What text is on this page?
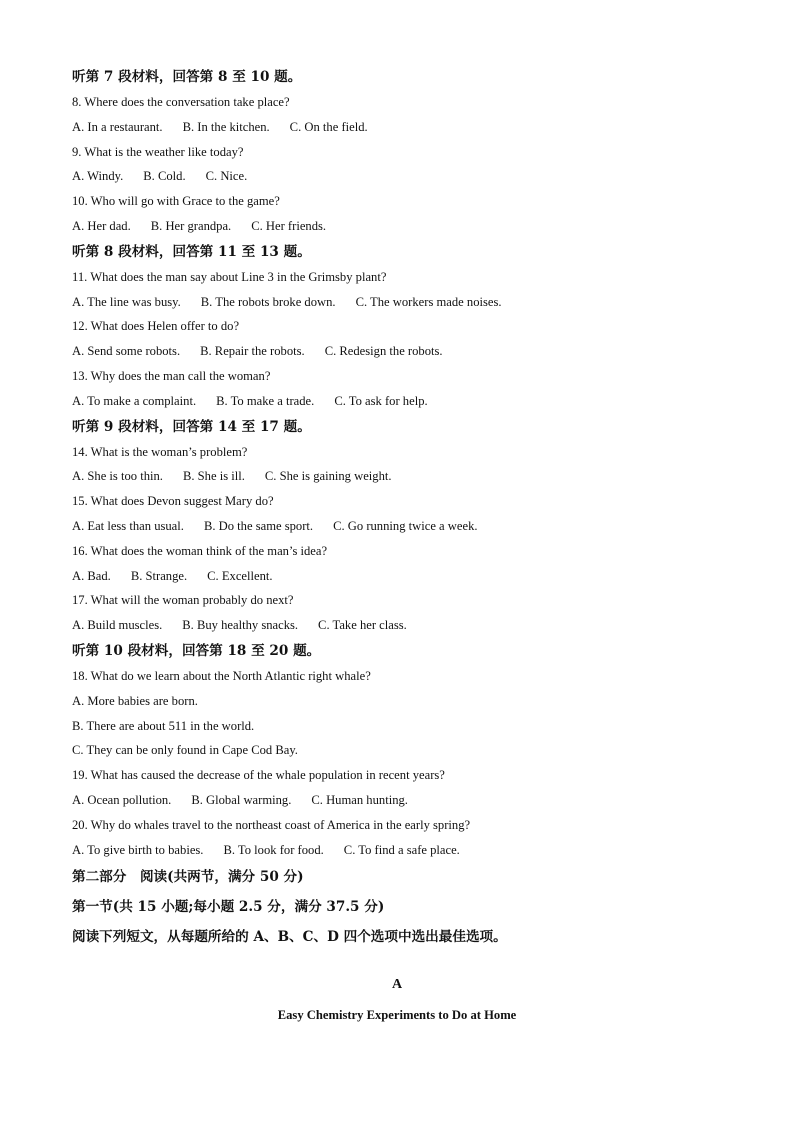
听第 7 段材料，回答第 8 至 10 题。
8. Where does the conversation take place?
A. In a restaurant. B. In the kitchen. C. On the field.
9. What is the weather like today?
A. Windy. B. Cold. C. Nice.
10. Who will go with Grace to the game?
A. Her dad. B. Her grandpa. C. Her friends.
听第 8 段材料，回答第 11 至 13 题。
11. What does the man say about Line 3 in the Grimsby plant?
A. The line was busy. B. The robots broke down. C. The workers made noises.
12. What does Helen offer to do?
A. Send some robots. B. Repair the robots. C. Redesign the robots.
13. Why does the man call the woman?
A. To make a complaint. B. To make a trade. C. To ask for help.
听第 9 段材料，回答第 14 至 17 题。
14. What is the woman’s problem?
A. She is too thin. B. She is ill. C. She is gaining weight.
15. What does Devon suggest Mary do?
A. Eat less than usual. B. Do the same sport. C. Go running twice a week.
16. What does the woman think of the man’s idea?
A. Bad. B. Strange. C. Excellent.
17. What will the woman probably do next?
A. Build muscles. B. Buy healthy snacks. C. Take her class.
听第 10 段材料，回答第 18 至 20 题。
18. What do we learn about the North Atlantic right whale?
A. More babies are born.
B. There are about 511 in the world.
C. They can be only found in Cape Cod Bay.
19. What has caused the decrease of the whale population in recent years?
A. Ocean pollution. B. Global warming. C. Human hunting.
20. Why do whales travel to the northeast coast of America in the early spring?
A. To give birth to babies. B. To look for food. C. To find a safe place.
第二部分　阅读(共两节，满分 50 分)
第一节(共 15 小题;每小题 2.5 分，满分 37.5 分)
阅读下列短文，从每题所给的 A、B、C、D 四个选项中选出最佳选项。
A
Easy Chemistry Experiments to Do at Home
